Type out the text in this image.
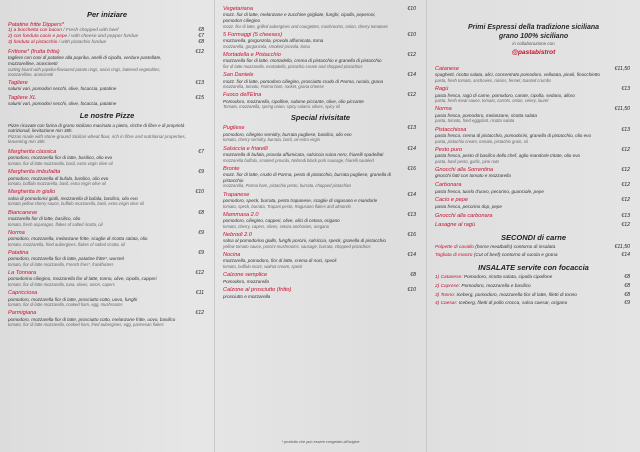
Per iniziare
Patatine fritte Dippers*
1) a bocchetta con bacon / Fresh chopped with beef	€8
2) con fonduta cacio e pepe / with cheese and pepper fondue	€7
3) fonduta al pistacchio / with pistachio fondue	€8
Frittone* (frutta fritta)
tagliere con coni di patatine alla paprika, anelli di cipolla, verdure pastellate, mozzarelline, arancinetti
cutting board with paprika-flavoured potato rings, onion rings, battered vegetables, mozzarelline, arancinetti
€12
Tagliere
salumi vari, pomodori secchi, olive, focaccia, patatine
€13
Tagliere XL
salumi vari, pomodori secchi, olive, focaccia, patatine
€15
Le nostre Pizze
Pizze ricavate con farina di grano siciliano macinato a pietra, ricche di fibre e di proprietà nutrizionali, lievitazione min 36h.
Pizzas made with stone-ground Sicilian wheat flour, rich in fibre and nutritional properties, leavening min 36h.
Margherita classica
pomodoro, mozzarella fior di latte, basilico, olio evo
tomato, fior di latte mozzarella, basil, extra virgin olive oil
€7
Margherita imbufalita
pomodoro, mozzarella di bufala, basilico, olio evo
tomato, buffalo mozzarella, basil, extra virgin olive oil
€9
Margherita in giallo
salsa di pomodorini gialli, mozzarella di bufala, basilico, olio evo
tomato yellow cherry sauce, buffalo mozzarella, basil, extra virgin olive oil
€10
Biancaneve
mozzarella fior di latte, basilico, olio
tomato, fresh asparagus, flakes of salted ricotta, oil
€8
Norma
pomodoro, mozzarella, melanzane fritte, scaglie di ricotta salata, olio
tomato, mozzarella, fried aubergines, flakes of salted ricotta, oil
€9
Patatina
pomodoro, mozzarella fior di latte, patatine fritte*, wurstel
tomato, fior di latte mozzarella, French fries*, frankfurters
€9
La Tonnara
pomodorino ciliegino, mozzarella fior di latte, tonno, olive, cipolla, capperi
tomato, fior di latte mozzarella, tuna, olives, onion, capers
€12
Capricciosa
pomodoro, mozzarella fior di latte, prosciutto cotto, uovo, funghi
tomato, fior di latte mozzarella, cooked ham, egg, mushrooms
€11
Parmigiana
pomodoro, mozzarella fior di latte, prosciutto cotto, melanzane fritte, uovo, basilico
tomato, fior di latte mozzarella, cooked ham, fried aubergines, egg, parmesan flakes
€12
Vegetariana
mozz. fior di latte, melanzane e zucchine grigliate, funghi, cipolla, peperoni, pomodori ciliegino
mozz. fior di latte, grilled aubergines and courgettes, mushrooms, onion, cherry tomatoes
€10
5 Formaggi (5 cheeses)
mozzarella, gorgonzola, provola affumicata, toma
mozzarella, gorgonzola, smoked provola, toma
€10
Mortadella e Pistacchio
mozzarella fior di latte, mortadella, crema di pistacchio e granella di pistacchio
fior di latte mozzarella, mortadella, pistachio cream and chopped pistachios
€12
San Daniele
mozz. fior di latte, pomodoro ciliegino, prosciutto crudo di Parma, rucola, grana
mozzarella, tomato, Parma ham, rocket, grana cheese
€14
Fuoco dell'Etna
Pomodoro, mozzarella, cipolline, salame piccante, olive, olio piccante
Tomato, mozzarella, spring onion, spicy salami, olives, spicy oil
€12
Special rivisitate
Pugliese
pomodoro, ciliegino semidry, burrata pugliese, basilico, olio evo
tomato, cherry semidry, burrata, basil, oil extra virgin
€13
Salsiccia e friarelli
mozzarella di bufala, provola affumicata, salsiccia suina nero, friarelli spadellati
mozzarella buffalo, smoked provola, Nebrodi black pork sausage, friarelli sautéed
€14
Bronte
mozz. fior di latte, crudo di Parma, pesto di pistacchio, burrata pugliese, granella di pistacchio
mozzarella, Parma ham, pistachio pesto, burrata, chopped pistachios
€16
Trapanese
pomodoro, speck, burrata, pesto trapanese, scaglie di ragusano e mandorle
tomato, speck, burrata, Trapani pesto, Ragusano flakes and almonds
€14
Mammasa 2.0
pomodoro, ciliegino, capperi, olive, alici di cetara, origano
tomato, cherry, capers, olives, cetara anchovies, oregano
€13
Nebrodi 2.0
salsa al pomodorino giallo, funghi porcini, salsiccia, speck, granella di pistacchio
yellow tomato sauce, porcini mushrooms, sausage, burrata, chopped pistachios
€16
Nocina
mozzarella, pomodoro, fior di latte, crema di noci, speck
tomato, buffalo mozz, walnut cream, speck
€14
Calzone semplice
Pomodoro, mozzarella
€8
Calzone al prosciutto (fritto)
prosciutto e mozzarella
€10
* prodotto che può essere congelato all'origine
Primi Espressi della tradizione siciliana
grano 100% siciliano
in collaborazione con
@pastabistrot
Catanese
spaghetti, ricotta salata, alici, concentrato pomodoro, vellutata, pinoli, finocchietto
pasta, fresh tomato, anchovies, raisins, fennel, toasted crumbs
€11,50
Ragù
pasta fresca, ragù di carne, pomodoro, carote, cipolla, sedano, alloro
pasta, fresh meat sauce, tomato, carrots, onion, celery, laurel
€13
Norma
pasta fresca, pomodoro, melanzane, ricotta salata
pasta, tomato, fried eggplant, ricotta salata
€11,50
Pistacchiosa
pasta fresca, crema di pistacchio, pomodorini, granella di pistacchio, olio evo
pasta, pistachio cream, tomato, pistachio grain, oil
€13
Pesto puro
pasta fresca, pesto di basilico dello chef, aglio mandorle tritate, olio evo
pasta, basil pesto, garlic, pine nuts
€12
Gnocchi alla Sorrentina
gnocchi fatti con tomato e mozzarella
€12
Carbonara
pasta fresca, tuorlo d'uovo, pecorino, guanciale, pepe
€12
Cacio e pepe
pasta fresca, pecorino dop, pepe
€12
Gnocchi alla carbonara	€13
Lasagne al ragù	€12
SECONDI di carne
Polpette di cavallo (horse meatballs) contorno di insalata	€11,50
Tagliata di manzo (Cut of beef) contorno di rucola e grana	€14
INSALATE servite con focaccia
1) Catanese: Pomodoro, ricotta salata, cipolla cipollone	€8
2) Caprese: Pomodoro, mozzarella e basilico	€8
3) Tonno: Iceberg, pomodoro, mozzarella fior di latte, filetti di tonno	€8
4) Caesar: Iceberg, filetti di pollo crocca, salsa caesar, origano	€9
